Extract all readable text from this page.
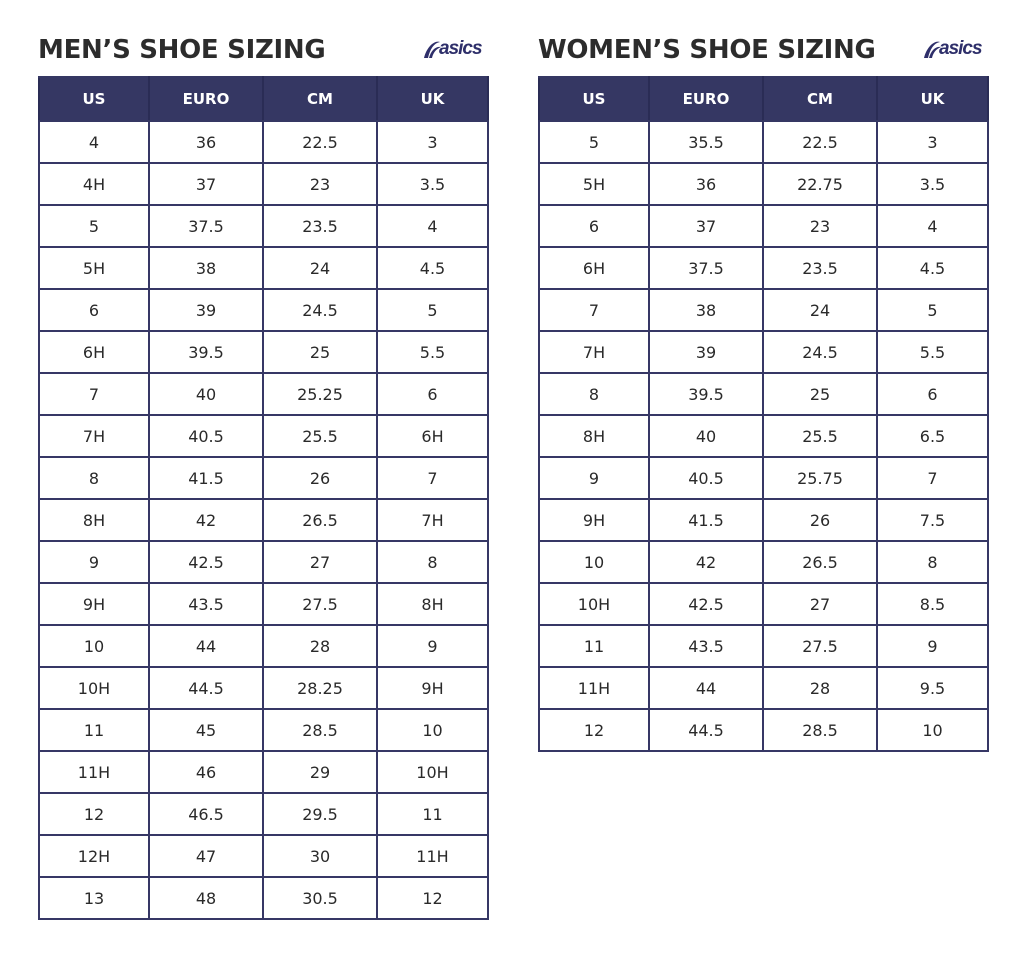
MEN’S SHOE SIZING	asics
US	EURO	CM	UK
4	36	22.5	3
4H	37	23	3.5
5	37.5	23.5	4
5H	38	24	4.5
6	39	24.5	5
6H	39.5	25	5.5
7	40	25.25	6
7H	40.5	25.5	6H
8	41.5	26	7
8H	42	26.5	7H
9	42.5	27	8
9H	43.5	27.5	8H
10	44	28	9
10H	44.5	28.25	9H
11	45	28.5	10
11H	46	29	10H
12	46.5	29.5	11
12H	47	30	11H
13	48	30.5	12
WOMEN’S SHOE SIZING	asics
US	EURO	CM	UK
5	35.5	22.5	3
5H	36	22.75	3.5
6	37	23	4
6H	37.5	23.5	4.5
7	38	24	5
7H	39	24.5	5.5
8	39.5	25	6
8H	40	25.5	6.5
9	40.5	25.75	7
9H	41.5	26	7.5
10	42	26.5	8
10H	42.5	27	8.5
11	43.5	27.5	9
11H	44	28	9.5
12	44.5	28.5	10
